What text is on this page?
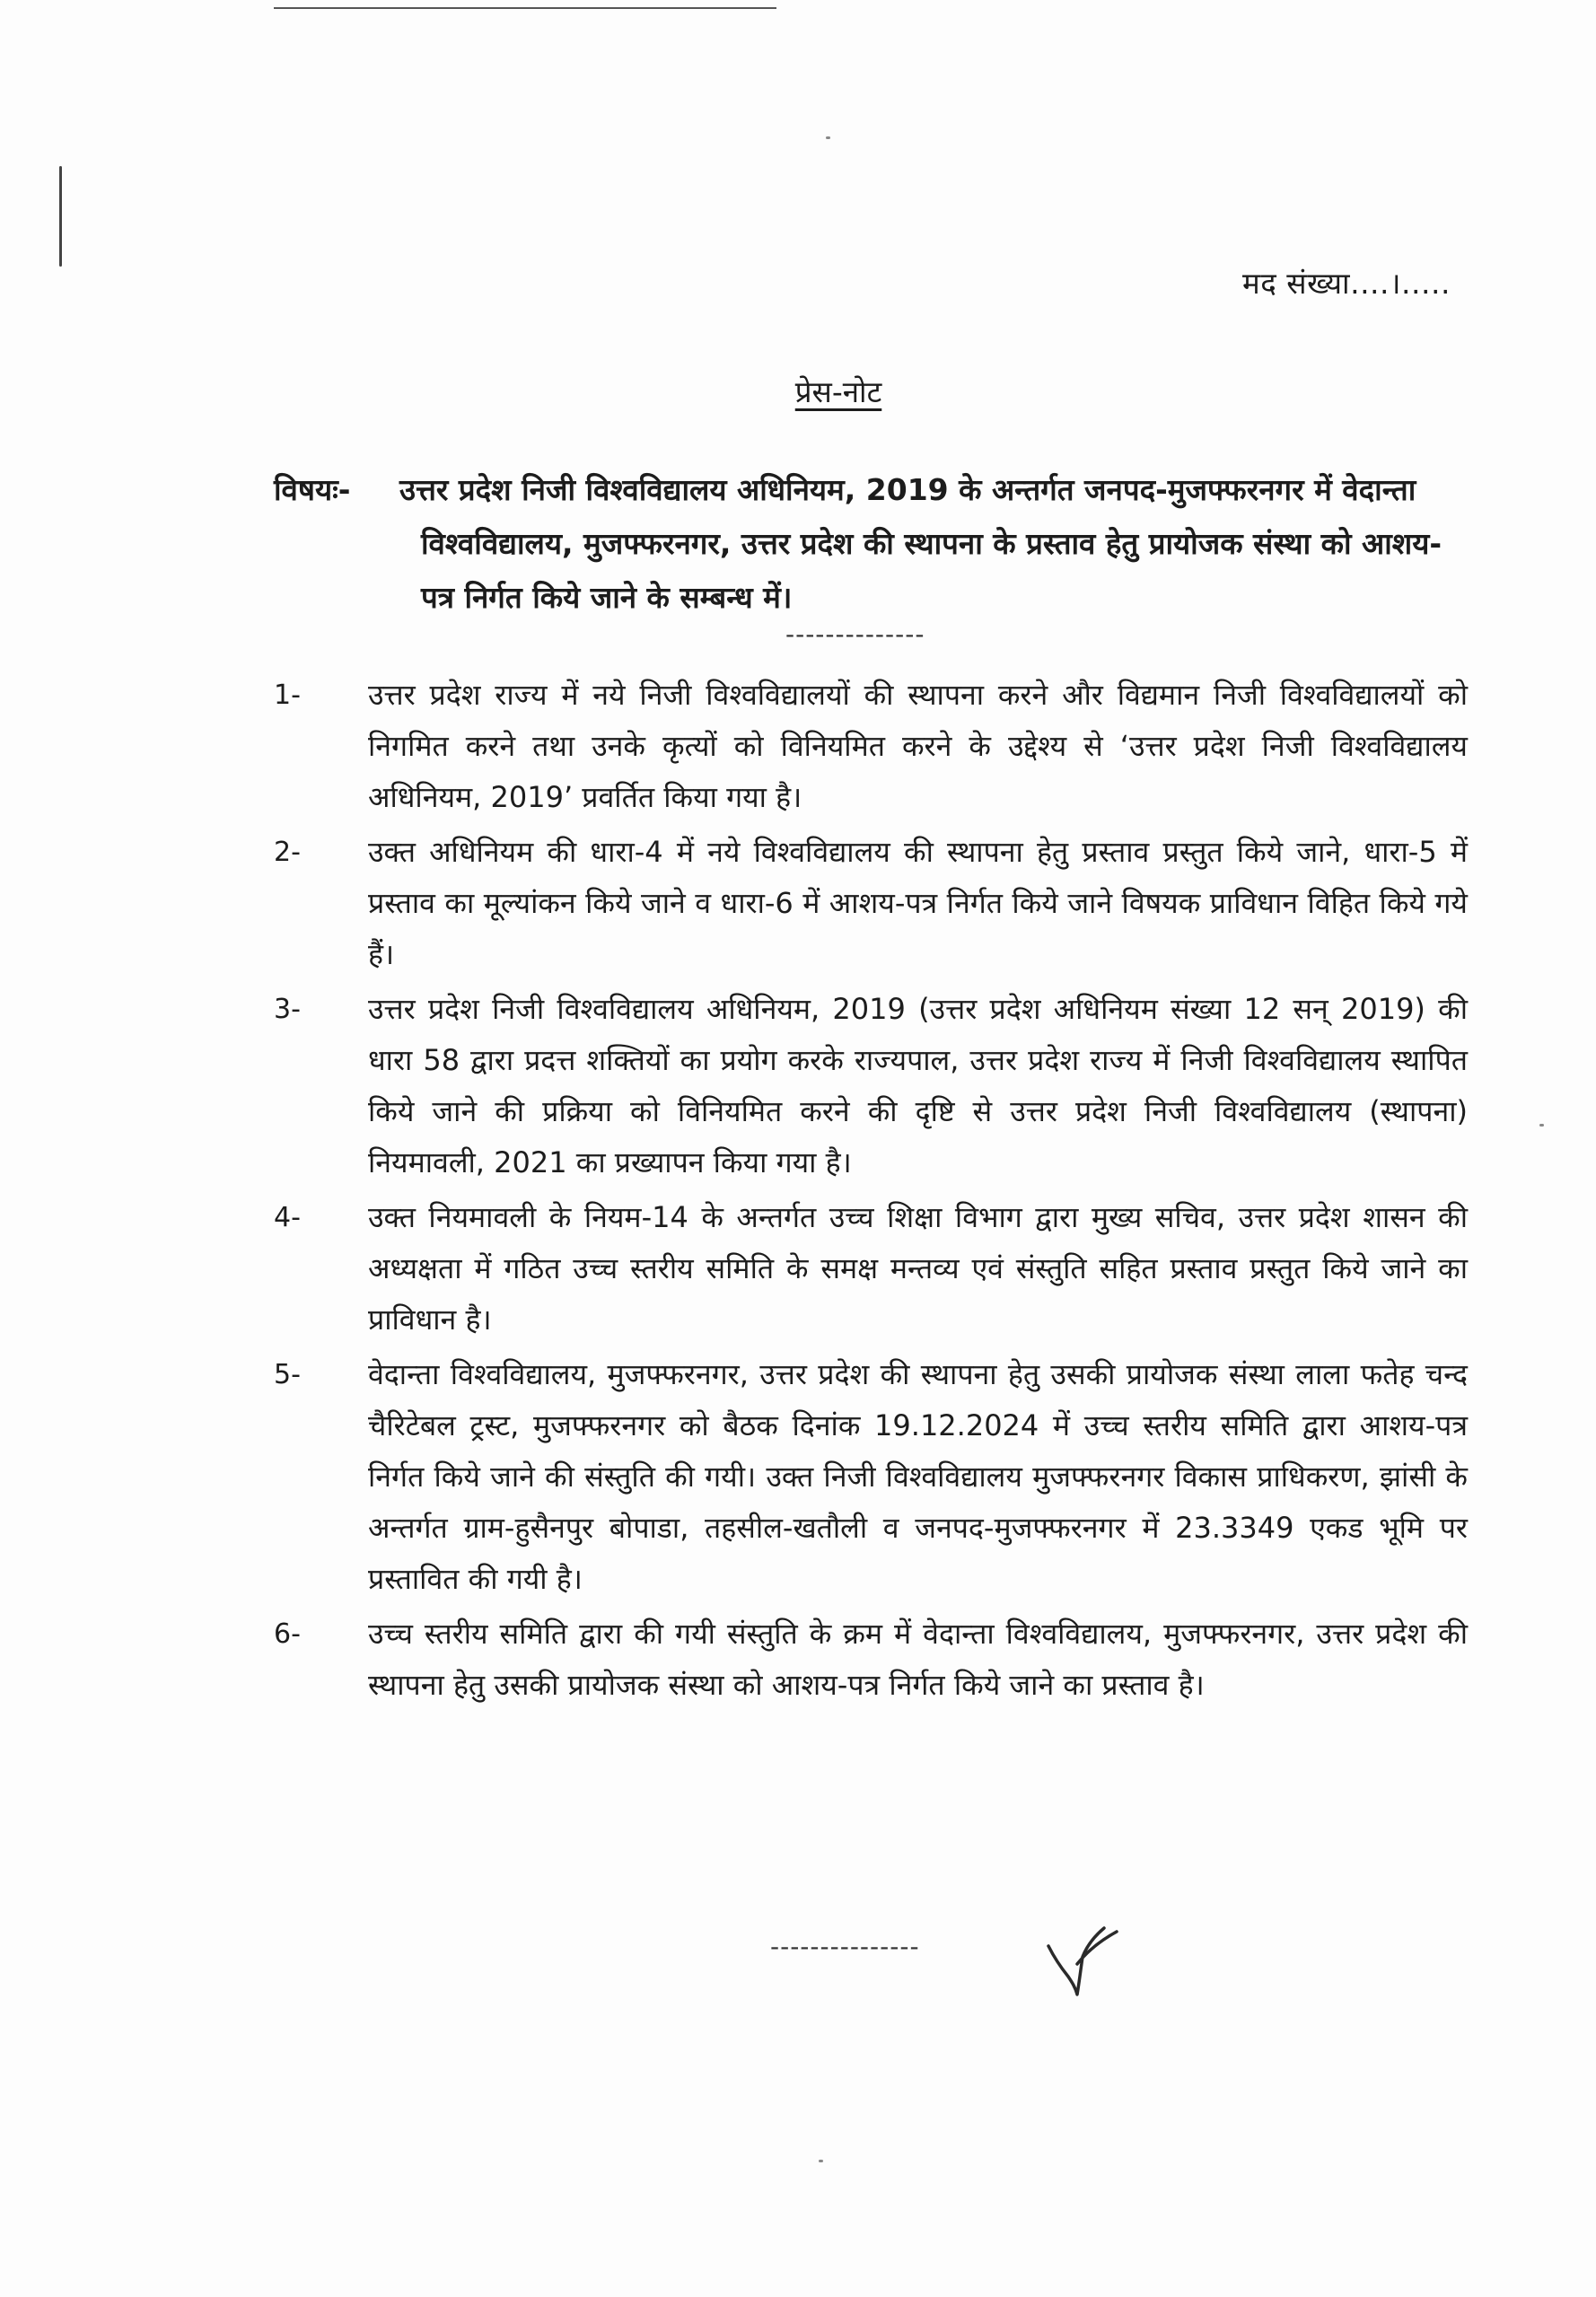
मद संख्या....।.....
प्रेस-नोट
विषयः- उत्तर प्रदेश निजी विश्वविद्यालय अधिनियम, 2019 के अन्तर्गत जनपद-मुजफ्फरनगर में वेदान्ता विश्वविद्यालय, मुजफ्फरनगर, उत्तर प्रदेश की स्थापना के प्रस्ताव हेतु प्रायोजक संस्था को आशय-पत्र निर्गत किये जाने के सम्बन्ध में।
--------------
1- उत्तर प्रदेश राज्य में नये निजी विश्वविद्यालयों की स्थापना करने और विद्यमान निजी विश्वविद्यालयों को निगमित करने तथा उनके कृत्यों को विनियमित करने के उद्देश्य से ‘उत्तर प्रदेश निजी विश्वविद्यालय अधिनियम, 2019’ प्रवर्तित किया गया है।
2- उक्त अधिनियम की धारा-4 में नये विश्वविद्यालय की स्थापना हेतु प्रस्ताव प्रस्तुत किये जाने, धारा-5 में प्रस्ताव का मूल्यांकन किये जाने व धारा-6 में आशय-पत्र निर्गत किये जाने विषयक प्राविधान विहित किये गये हैं।
3- उत्तर प्रदेश निजी विश्वविद्यालय अधिनियम, 2019 (उत्तर प्रदेश अधिनियम संख्या 12 सन् 2019) की धारा 58 द्वारा प्रदत्त शक्तियों का प्रयोग करके राज्यपाल, उत्तर प्रदेश राज्य में निजी विश्वविद्यालय स्थापित किये जाने की प्रक्रिया को विनियमित करने की दृष्टि से उत्तर प्रदेश निजी विश्वविद्यालय (स्थापना) नियमावली, 2021 का प्रख्यापन किया गया है।
4- उक्त नियमावली के नियम-14 के अन्तर्गत उच्च शिक्षा विभाग द्वारा मुख्य सचिव, उत्तर प्रदेश शासन की अध्यक्षता में गठित उच्च स्तरीय समिति के समक्ष मन्तव्य एवं संस्तुति सहित प्रस्ताव प्रस्तुत किये जाने का प्राविधान है।
5- वेदान्ता विश्वविद्यालय, मुजफ्फरनगर, उत्तर प्रदेश की स्थापना हेतु उसकी प्रायोजक संस्था लाला फतेह चन्द चैरिटेबल ट्रस्ट, मुजफ्फरनगर को बैठक दिनांक 19.12.2024 में उच्च स्तरीय समिति द्वारा आशय-पत्र निर्गत किये जाने की संस्तुति की गयी। उक्त निजी विश्वविद्यालय मुजफ्फरनगर विकास प्राधिकरण, झांसी के अन्तर्गत ग्राम-हुसैनपुर बोपाडा, तहसील-खतौली व जनपद-मुजफ्फरनगर में 23.3349 एकड भूमि पर प्रस्तावित की गयी है।
6- उच्च स्तरीय समिति द्वारा की गयी संस्तुति के क्रम में वेदान्ता विश्वविद्यालय, मुजफ्फरनगर, उत्तर प्रदेश की स्थापना हेतु उसकी प्रायोजक संस्था को आशय-पत्र निर्गत किये जाने का प्रस्ताव है।
---------------
